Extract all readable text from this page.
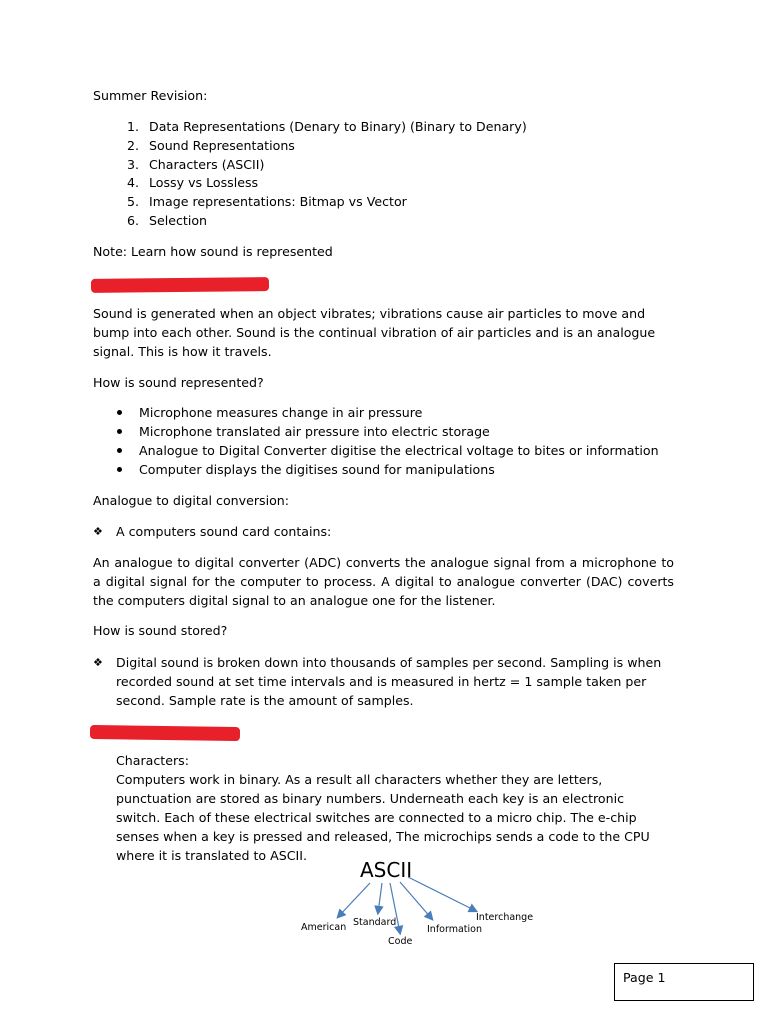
Summer Revision:
1. Data Representations (Denary to Binary) (Binary to Denary)
2. Sound Representations
3. Characters (ASCII)
4. Lossy vs Lossless
5. Image representations: Bitmap vs Vector
6. Selection
Note: Learn how sound is represented
Sound is generated when an object vibrates; vibrations cause air particles to move and bump into each other. Sound is the continual vibration of air particles and is an analogue signal. This is how it travels.
How is sound represented?
Microphone measures change in air pressure
Microphone translated air pressure into electric storage
Analogue to Digital Converter digitise the electrical voltage to bites or information
Computer displays the digitises sound for manipulations
Analogue to digital conversion:
❖	A computers sound card contains:
An analogue to digital converter (ADC) converts the analogue signal from a microphone to a digital signal for the computer to process. A digital to analogue converter (DAC) coverts the computers digital signal to an analogue one for the listener.
How is sound stored?
❖	Digital sound is broken down into thousands of samples per second. Sampling is when recorded sound at set time intervals and is measured in hertz = 1 sample taken per second. Sample rate is the amount of samples.

Characters:

Computers work in binary. As a result all characters whether they are letters, punctuation are stored as binary numbers. Underneath each key is an electronic switch. Each of these electrical switches are connected to a micro chip. The e-chip senses when a key is pressed and released, The microchips sends a code to the CPU where it is translated to ASCII.

ASCII
American Standard
Code
Information
Interchange
Page 1
